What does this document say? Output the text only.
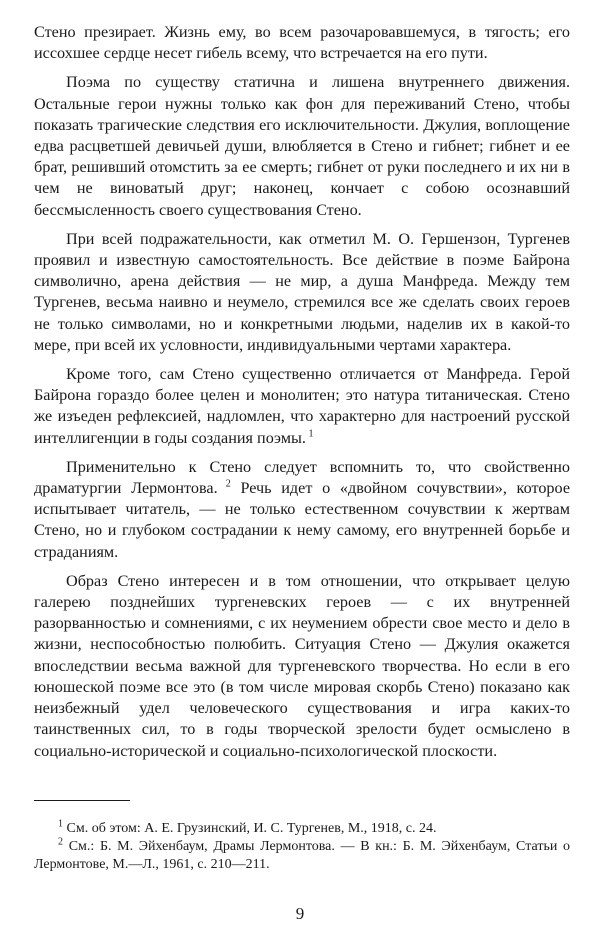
Стено презирает. Жизнь ему, во всем разочаровавшемуся, в тягость; его иссохшее сердце несет гибель всему, что встречается на его пути.

Поэма по существу статична и лишена внутреннего движения. Остальные герои нужны только как фон для переживаний Стено, чтобы показать трагические следствия его исключительности. Джулия, воплощение едва расцветшей девичьей души, влюбляется в Стено и гибнет; гибнет и ее брат, решивший отомстить за ее смерть; гибнет от руки последнего и их ни в чем не виноватый друг; наконец, кончает с собою осознавший бессмысленность своего существования Стено.

При всей подражательности, как отметил М. О. Гершензон, Тургенев проявил и известную самостоятельность. Все действие в поэме Байрона символично, арена действия — не мир, а душа Манфреда. Между тем Тургенев, весьма наивно и неумело, стремился все же сделать своих героев не только символами, но и конкретными людьми, наделив их в какой-то мере, при всей их условности, индивидуальными чертами характера.

Кроме того, сам Стено существенно отличается от Манфреда. Герой Байрона гораздо более целен и монолитен; это натура титаническая. Стено же изъеден рефлексией, надломлен, что характерно для настроений русской интеллигенции в годы создания поэмы. $^1$

Применительно к Стено следует вспомнить то, что свойственно драматургии Лермонтова. $^2$ Речь идет о «двойном сочувствии», которое испытывает читатель, — не только естественном сочувствии к жертвам Стено, но и глубоком сострадании к нему самому, его внутренней борьбе и страданиям.

Образ Стено интересен и в том отношении, что открывает целую галерею позднейших тургеневских героев — с их внутренней разорванностью и сомнениями, с их неумением обрести свое место и дело в жизни, неспособностью полюбить. Ситуация Стено — Джулия окажется впоследствии весьма важной для тургеневского творчества. Но если в его юношеской поэме все это (в том числе мировая скорбь Стено) показано как неизбежный удел человеческого существования и игра каких-то таинственных сил, то в годы творческой зрелости будет осмыслено в социально-исторической и социально-психологической плоскости.

$^1$ См. об этом: А. Е. Грузинский, И. С. Тургенев, М., 1918, с. 24.

$^2$ См.: Б. М. Эйхенбаум, Драмы Лермонтова. — В кн.: Б. М. Эйхенбаум, Статьи о Лермонтове, М.—Л., 1961, с. 210—211.

9
